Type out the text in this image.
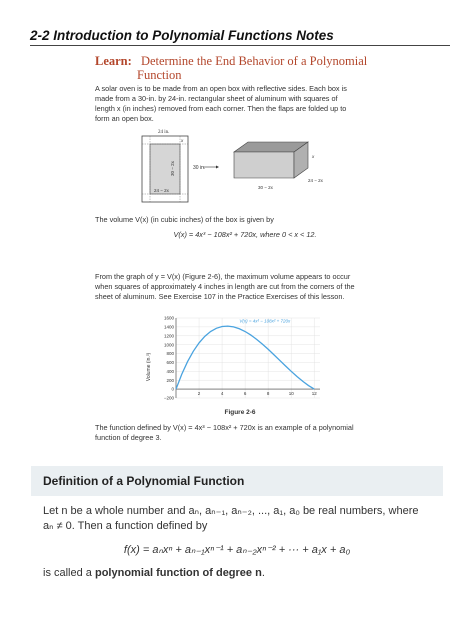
2-2 Introduction to Polynomial Functions Notes
Learn: Determine the End Behavior of a Polynomial
Function
A solar oven is to be made from an open box with reflective sides. Each box is
made from a 30-in. by 24-in. rectangular sheet of aluminum with squares of
length x (in inches) removed from each corner. Then the flaps are folded up to
form an open box.
24 in.
x
30 − 2x
24 − 2x
30 in.
x
24 − 2x
30 − 2x
The volume V(x) (in cubic inches) of the box is given by
V(x) = 4x³ − 108x² + 720x, where 0 < x < 12.
From the graph of y = V(x) (Figure 2-6), the maximum volume appears to occur
when squares of approximately 4 inches in length are cut from the corners of the
sheet of aluminum. See Exercise 107 in the Practice Exercises of this lesson.
Volume (in.³)
−200
200
400
600
800
1000
1200
1400
1600
0
2	4	6	8	10	12
V(x) = 4x³ − 108x² + 720x
Figure 2-6
The function defined by V(x) = 4x³ − 108x² + 720x is an example of a polynomial
function of degree 3.
Definition of a Polynomial Function
Let n be a whole number and aₙ, aₙ₋₁, aₙ₋₂, ..., a₁, a₀ be real numbers, where
aₙ ≠ 0. Then a function defined by
f(x) = aₙxⁿ + aₙ₋₁xⁿ⁻¹ + aₙ₋₂xⁿ⁻² + ··· + a₁x + a₀
is called a polynomial function of degree n.
